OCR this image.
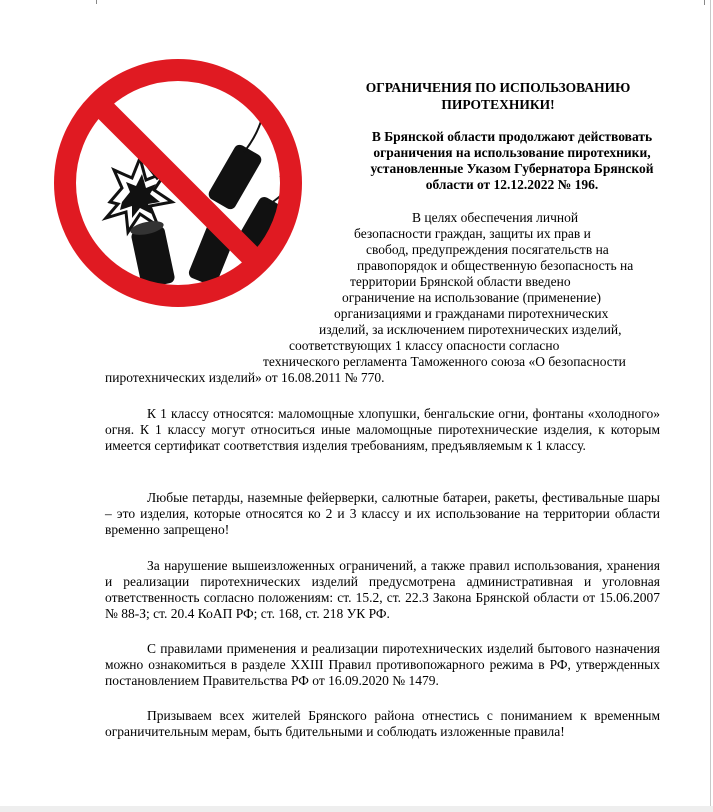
ОГРАНИЧЕНИЯ ПО ИСПОЛЬЗОВАНИЮ ПИРОТЕХНИКИ!
В Брянской области продолжают действовать ограничения на использование пиротехники, установленные Указом Губернатора Брянской области от 12.12.2022 № 196.
В целях обеспечения личной
безопасности граждан, защиты их прав и
свобод, предупреждения посягательств на
правопорядок и общественную безопасность на
территории Брянской области введено
ограничение на использование (применение)
организациями и гражданами пиротехнических
изделий, за исключением пиротехнических изделий,
соответствующих 1 классу опасности согласно
технического регламента Таможенного союза «О безопасности
пиротехнических изделий» от 16.08.2011 № 770.
К 1 классу относятся: маломощные хлопушки, бенгальские огни, фонтаны «холодного» огня. К 1 классу могут относиться иные маломощные пиротехнические изделия, к которым имеется сертификат соответствия изделия требованиям, предъявляемым к 1 классу.
Любые петарды, наземные фейерверки, салютные батареи, ракеты, фестивальные шары – это изделия, которые относятся ко 2 и 3 классу и их использование на территории области временно запрещено!
За нарушение вышеизложенных ограничений, а также правил использования, хранения и реализации пиротехнических изделий предусмотрена административная и уголовная ответственность согласно положениям: ст. 15.2, ст. 22.3 Закона Брянской области от 15.06.2007 № 88-З; ст. 20.4 КоАП РФ; ст. 168, ст. 218 УК РФ.
С правилами применения и реализации пиротехнических изделий бытового назначения можно ознакомиться в разделе XXIII Правил противопожарного режима в РФ, утвержденных постановлением Правительства РФ от 16.09.2020 № 1479.
Призываем всех жителей Брянского района отнестись с пониманием к временным ограничительным мерам, быть бдительными и соблюдать изложенные правила!
